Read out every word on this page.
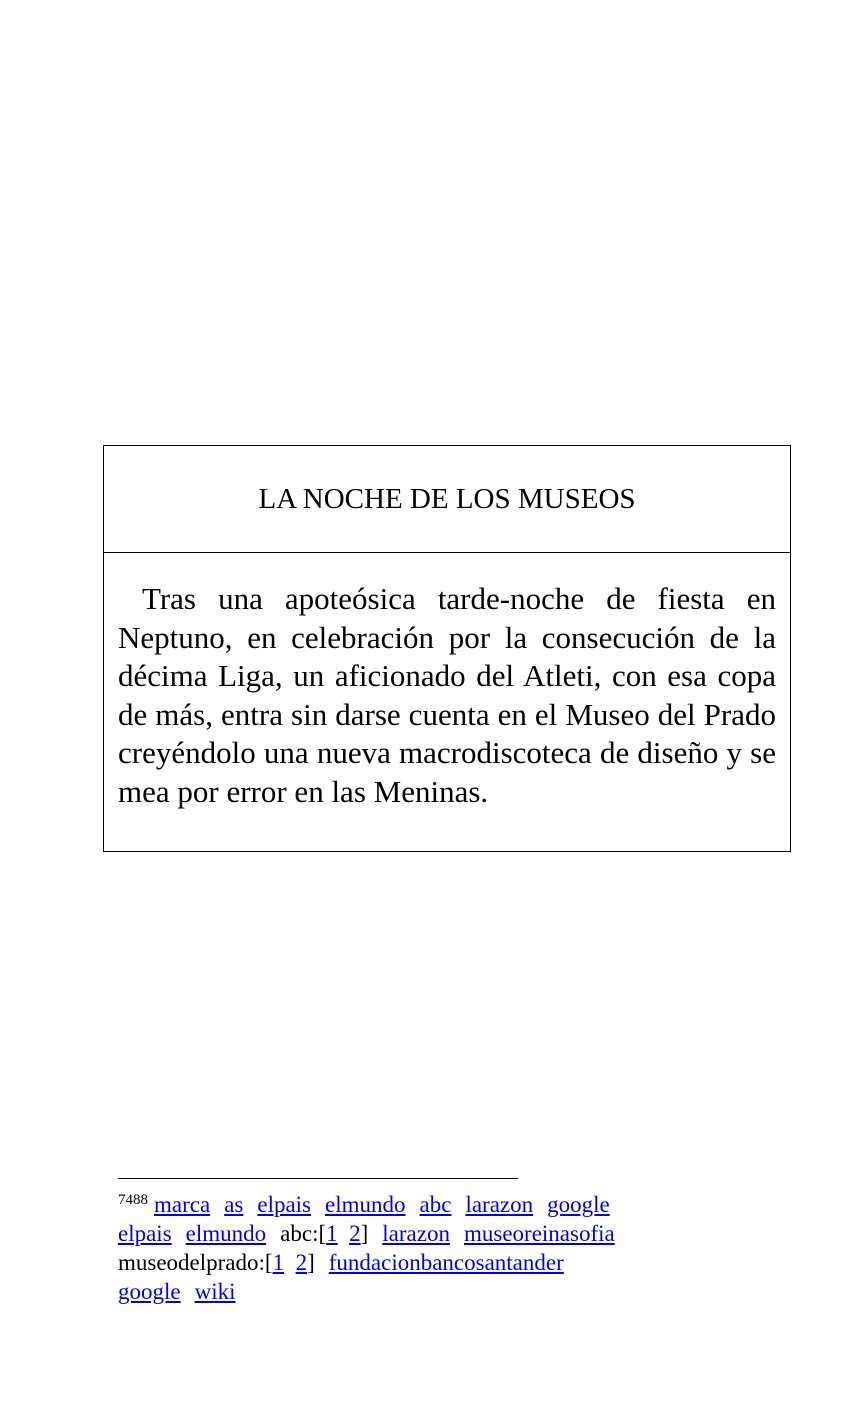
LA NOCHE DE LOS MUSEOS

Tras una apoteósica tarde-noche de fiesta en Neptuno, en celebración por la consecución de la décima Liga, un aficionado del Atleti, con esa copa de más, entra sin darse cuenta en el Museo del Prado creyéndolo una nueva macrodiscoteca de diseño y se mea por error en las Meninas.

$^{7488}$ marca as elpais elmundo abc larazon google
elpais elmundo abc:[1 2] larazon museoreinasofia
museodelprado:[1 2] fundacionbancosantander
google wiki
